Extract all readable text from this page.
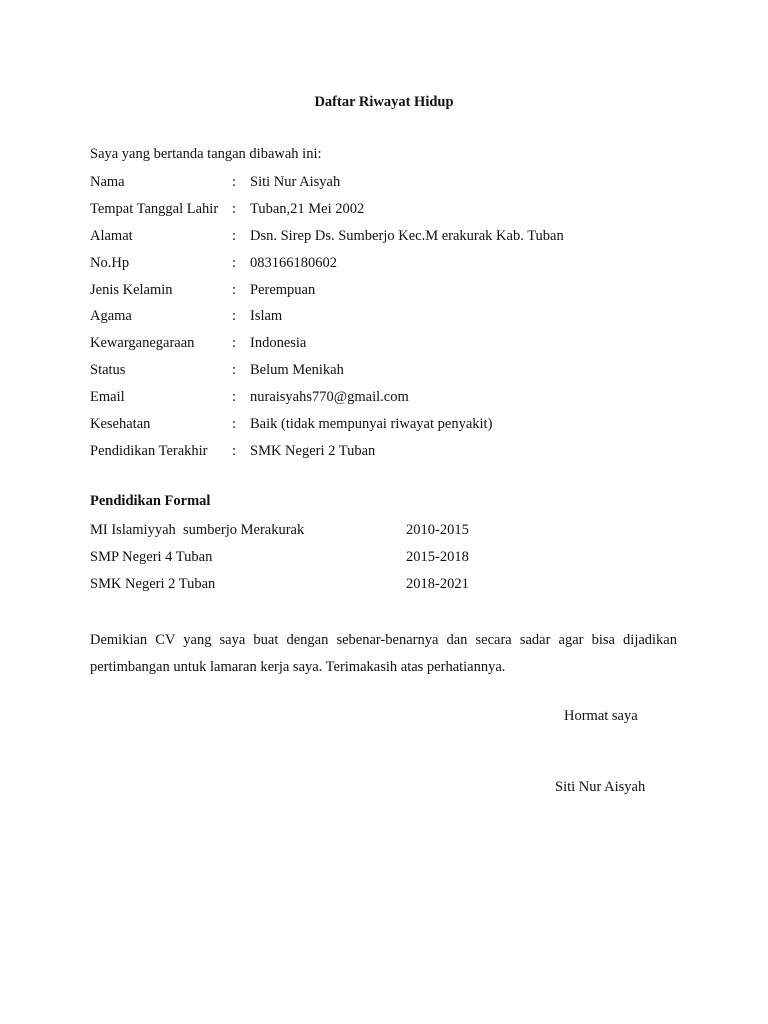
Daftar Riwayat Hidup
Saya yang bertanda tangan dibawah ini:
Nama	: Siti Nur Aisyah
Tempat Tanggal Lahir : Tuban,21 Mei 2002
Alamat	: Dsn. Sirep Ds. Sumberjo Kec.M erakurak Kab. Tuban
No.Hp	: 083166180602
Jenis Kelamin	: Perempuan
Agama	: Islam
Kewarganegaraan	: Indonesia
Status	: Belum Menikah
Email	: nuraisyahs770@gmail.com
Kesehatan	: Baik (tidak mempunyai riwayat penyakit)
Pendidikan Terakhir : SMK Negeri 2 Tuban
Pendidikan Formal
MI Islamiyyah  sumberjo Merakurak	2010-2015
SMP Negeri 4 Tuban	2015-2018
SMK Negeri 2 Tuban	2018-2021
Demikian CV yang saya buat dengan sebenar-benarnya dan secara sadar agar bisa dijadikan pertimbangan untuk lamaran kerja saya. Terimakasih atas perhatiannya.
Hormat saya
Siti Nur Aisyah
